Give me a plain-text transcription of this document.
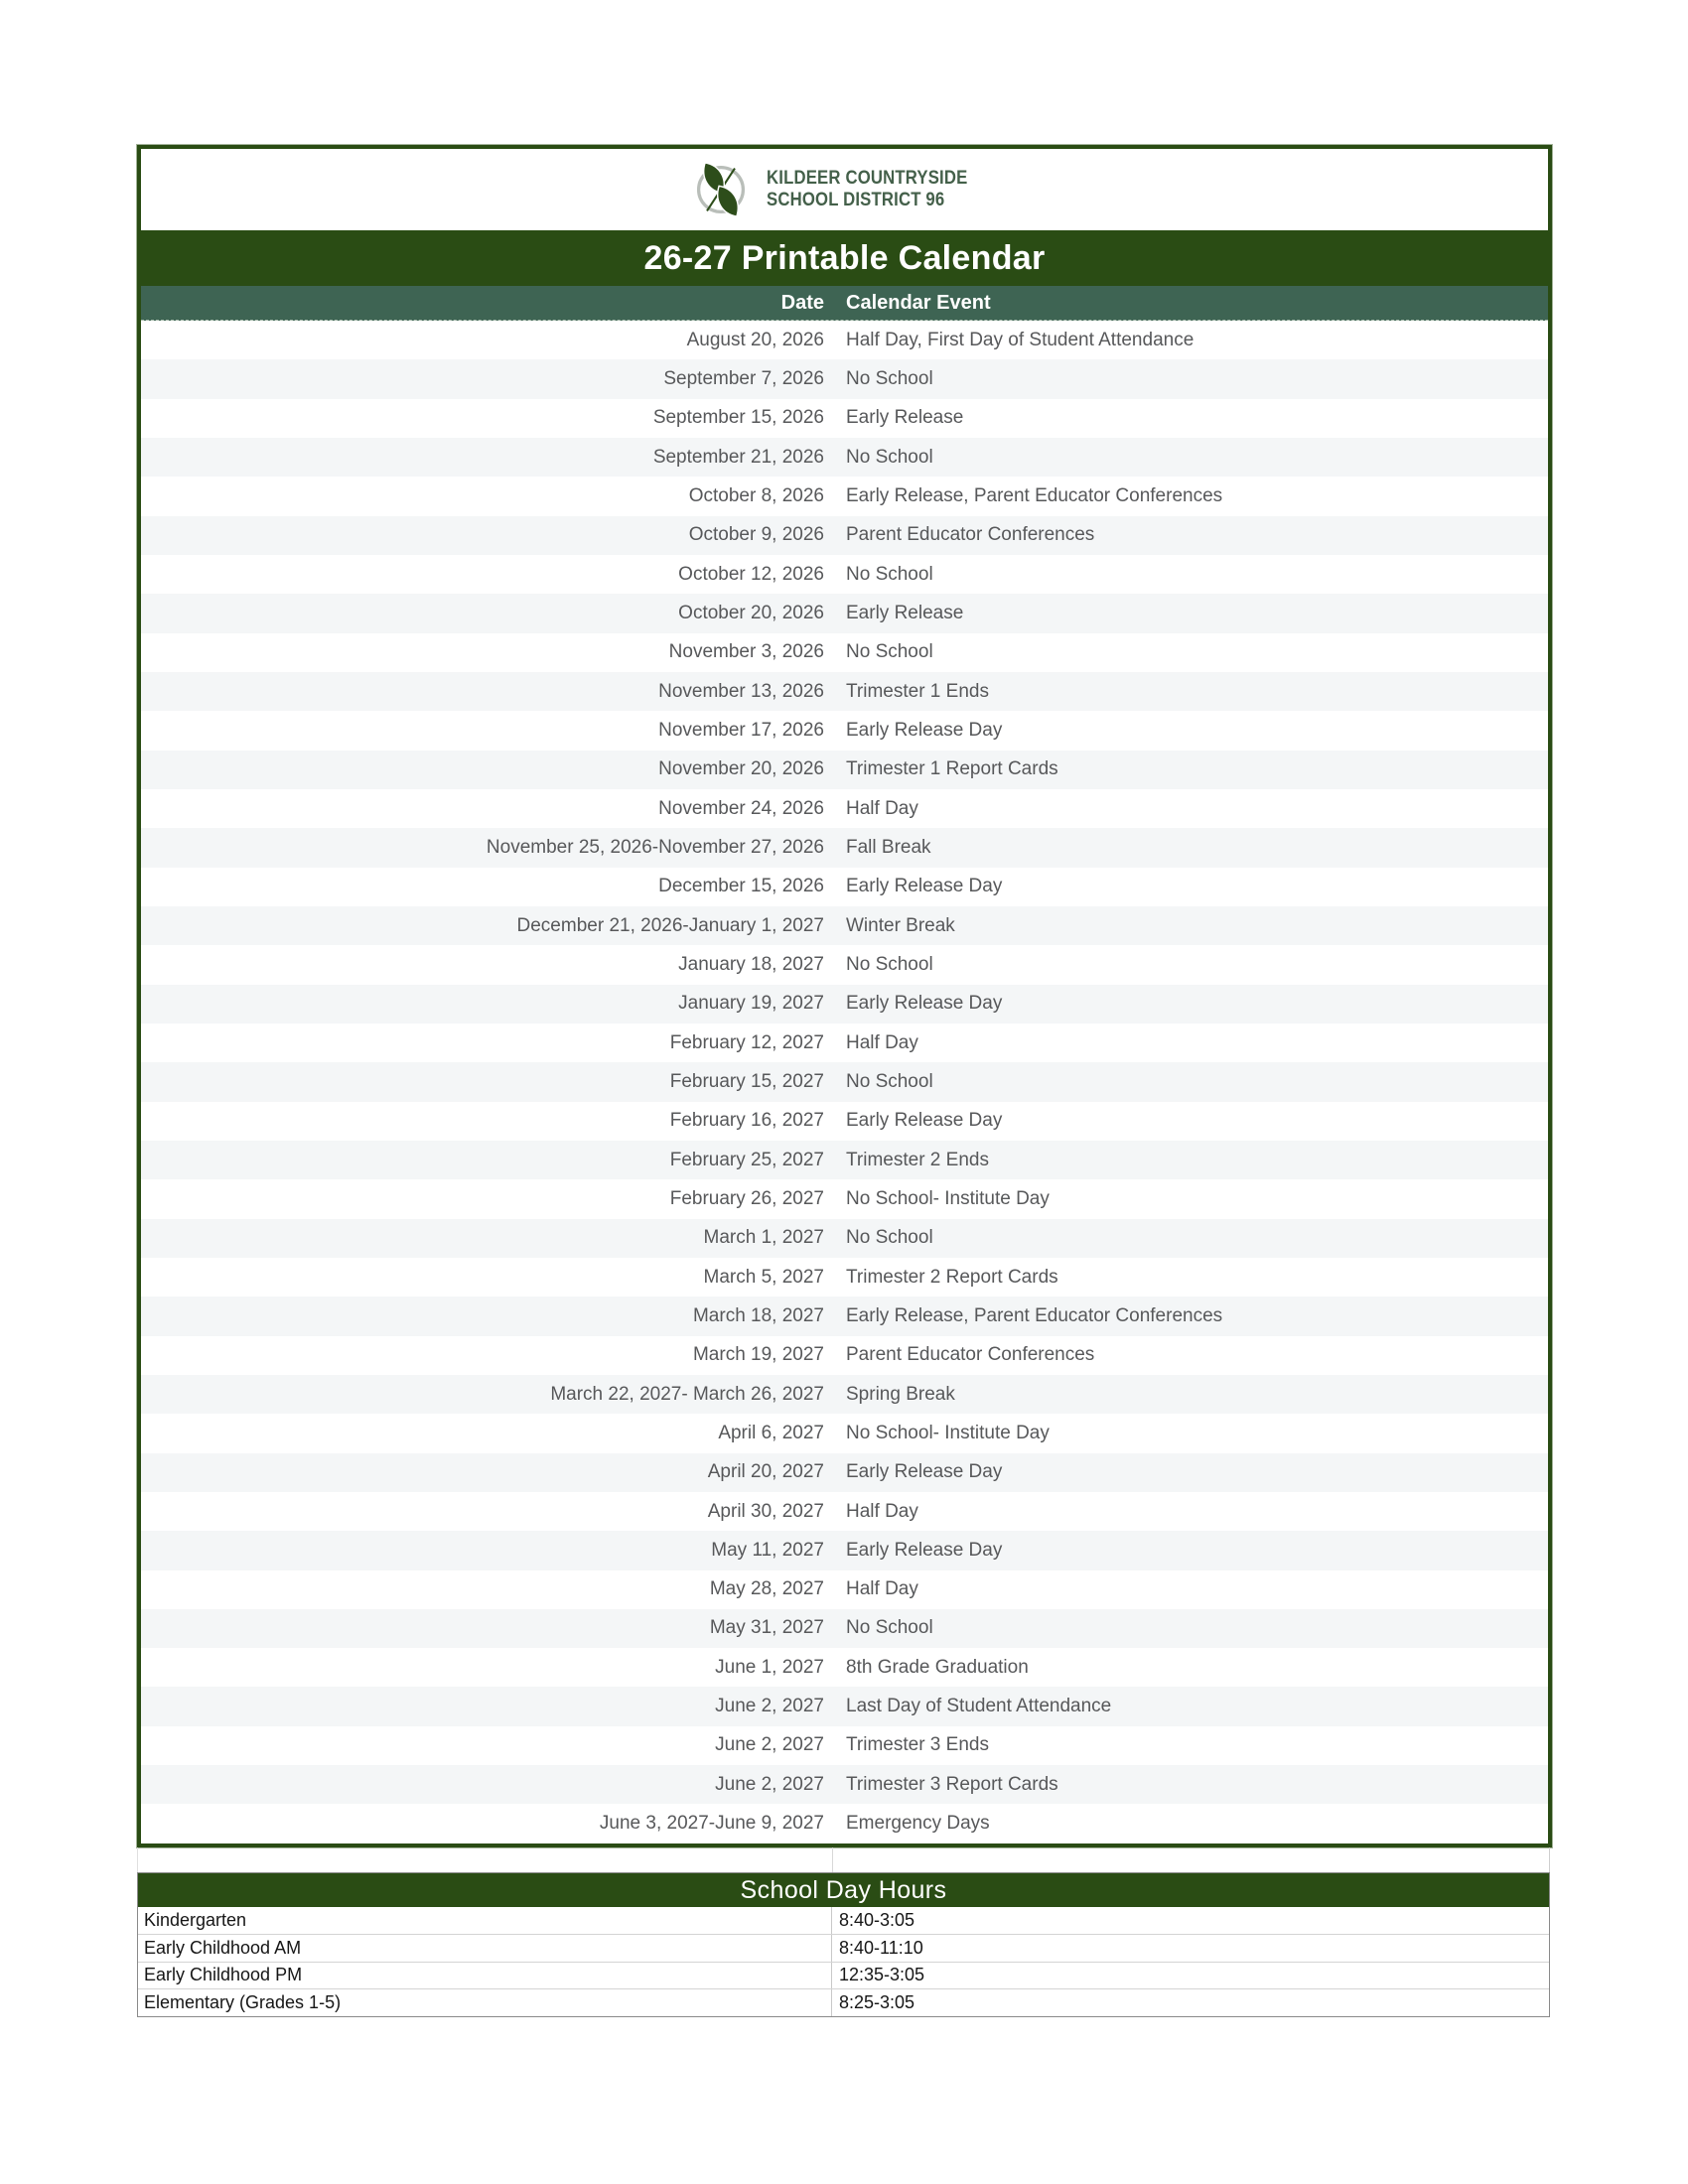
KILDEER COUNTRYSIDE
SCHOOL DISTRICT 96
26-27 Printable Calendar
Date Calendar Event
August 20, 2026 Half Day, First Day of Student Attendance
September 7, 2026 No School
September 15, 2026 Early Release
September 21, 2026 No School
October 8, 2026 Early Release, Parent Educator Conferences
October 9, 2026 Parent Educator Conferences
October 12, 2026 No School
October 20, 2026 Early Release
November 3, 2026 No School
November 13, 2026 Trimester 1 Ends
November 17, 2026 Early Release Day
November 20, 2026 Trimester 1 Report Cards
November 24, 2026 Half Day
November 25, 2026-November 27, 2026 Fall Break
December 15, 2026 Early Release Day
December 21, 2026-January 1, 2027 Winter Break
January 18, 2027 No School
January 19, 2027 Early Release Day
February 12, 2027 Half Day
February 15, 2027 No School
February 16, 2027 Early Release Day
February 25, 2027 Trimester 2 Ends
February 26, 2027 No School- Institute Day
March 1, 2027 No School
March 5, 2027 Trimester 2 Report Cards
March 18, 2027 Early Release, Parent Educator Conferences
March 19, 2027 Parent Educator Conferences
March 22, 2027- March 26, 2027 Spring Break
April 6, 2027 No School- Institute Day
April 20, 2027 Early Release Day
April 30, 2027 Half Day
May 11, 2027 Early Release Day
May 28, 2027 Half Day
May 31, 2027 No School
June 1, 2027 8th Grade Graduation
June 2, 2027 Last Day of Student Attendance
June 2, 2027 Trimester 3 Ends
June 2, 2027 Trimester 3 Report Cards
June 3, 2027-June 9, 2027 Emergency Days
School Day Hours
Kindergarten	8:40-3:05
Early Childhood AM	8:40-11:10
Early Childhood PM	12:35-3:05
Elementary (Grades 1-5)	8:25-3:05
